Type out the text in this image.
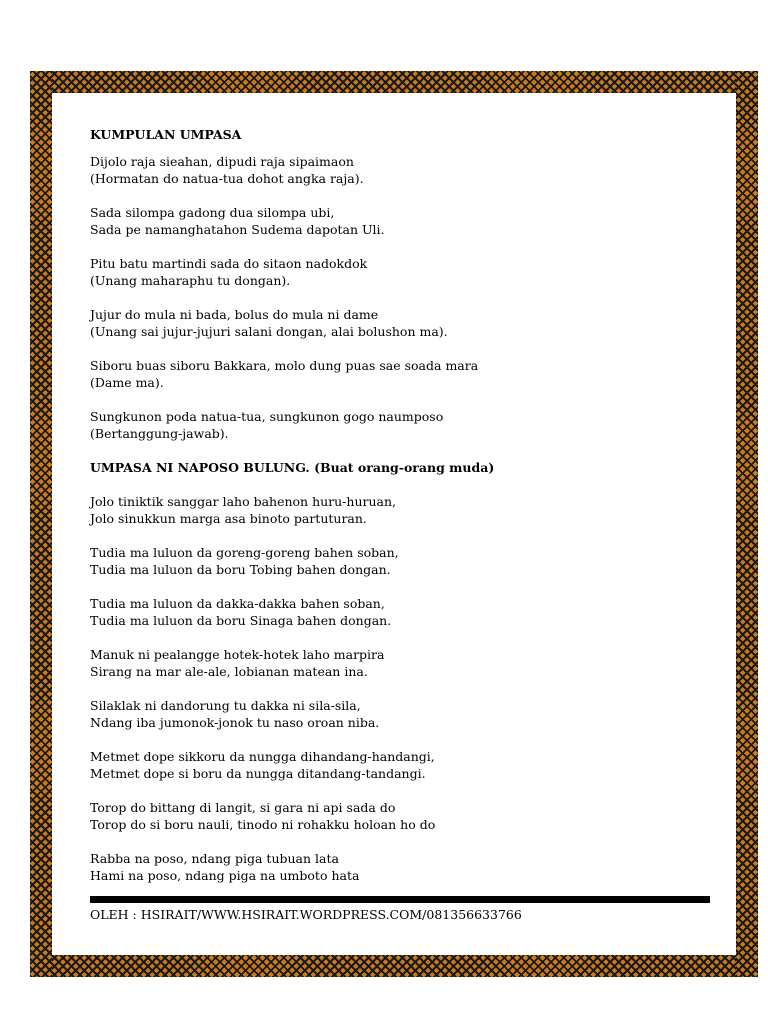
KUMPULAN UMPASA
Dijolo raja sieahan, dipudi raja sipaimaon
(Hormatan do natua-tua dohot angka raja).
Sada silompa gadong dua silompa ubi,
Sada pe namanghatahon Sudema dapotan Uli.
Pitu batu martindi sada do sitaon nadokdok
(Unang maharaphu tu dongan).
Jujur do mula ni bada, bolus do mula ni dame
(Unang sai jujur-jujuri salani dongan, alai bolushon ma).
Siboru buas siboru Bakkara, molo dung puas sae soada mara
(Dame ma).
Sungkunon poda natua-tua, sungkunon gogo naumposo
(Bertanggung-jawab).
UMPASA NI NAPOSO BULUNG. (Buat orang-orang muda)
Jolo tiniktik sanggar laho bahenon huru-huruan,
Jolo sinukkun marga asa binoto partuturan.
Tudia ma luluon da goreng-goreng bahen soban,
Tudia ma luluon da boru Tobing bahen dongan.
Tudia ma luluon da dakka-dakka bahen soban,
Tudia ma luluon da boru Sinaga bahen dongan.
Manuk ni pealangge hotek-hotek laho marpira
Sirang na mar ale-ale, lobianan matean ina.
Silaklak ni dandorung tu dakka ni sila-sila,
Ndang iba jumonok-jonok tu naso oroan niba.
Metmet dope sikkoru da nungga dihandang-handangi,
Metmet dope si boru da nungga ditandang-tandangi.
Torop do bittang di langit, si gara ni api sada do
Torop do si boru nauli, tinodo ni rohakku holoan ho do
Rabba na poso, ndang piga tubuan lata
Hami na poso, ndang piga na umboto hata
OLEH : HSIRAIT/WWW.HSIRAIT.WORDPRESS.COM/081356633766
